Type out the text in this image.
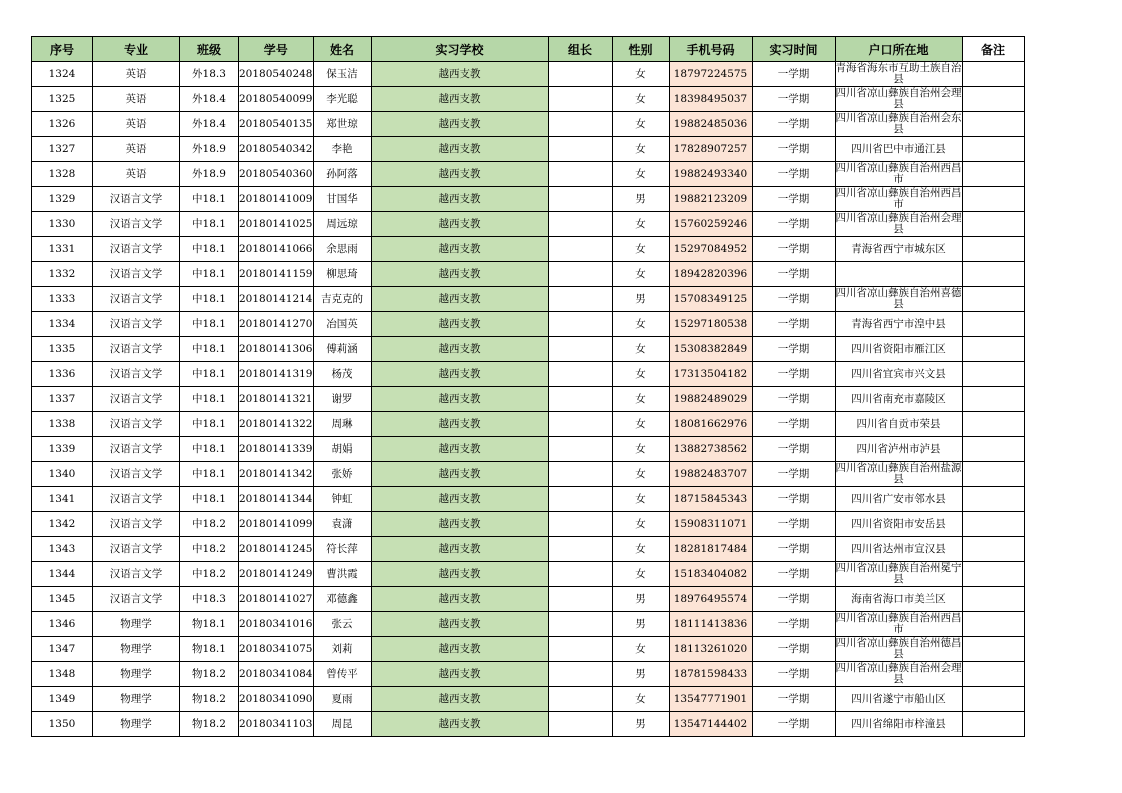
序号	专业	班级	学号	姓名	实习学校	组长	性别	手机号码	实习时间	户口所在地	备注
1324	英语	外18.3	20180540248	保玉洁	越西支教		女	18797224575	一学期	青海省海东市互助土族自治县	
1325	英语	外18.4	20180540099	李光聪	越西支教		女	18398495037	一学期	四川省凉山彝族自治州会理县	
1326	英语	外18.4	20180540135	郑世琼	越西支教		女	19882485036	一学期	四川省凉山彝族自治州会东县	
1327	英语	外18.9	20180540342	李艳	越西支教		女	17828907257	一学期	四川省巴中市通江县	
1328	英语	外18.9	20180540360	孙阿落	越西支教		女	19882493340	一学期	四川省凉山彝族自治州西昌市	
1329	汉语言文学	中18.1	20180141009	甘国华	越西支教		男	19882123209	一学期	四川省凉山彝族自治州西昌市	
1330	汉语言文学	中18.1	20180141025	周远琼	越西支教		女	15760259246	一学期	四川省凉山彝族自治州会理县	
1331	汉语言文学	中18.1	20180141066	余思雨	越西支教		女	15297084952	一学期	青海省西宁市城东区	
1332	汉语言文学	中18.1	20180141159	柳思琦	越西支教		女	18942820396	一学期		
1333	汉语言文学	中18.1	20180141214	吉克克的	越西支教		男	15708349125	一学期	四川省凉山彝族自治州喜德县	
1334	汉语言文学	中18.1	20180141270	冶国英	越西支教		女	15297180538	一学期	青海省西宁市湟中县	
1335	汉语言文学	中18.1	20180141306	傅莉涵	越西支教		女	15308382849	一学期	四川省资阳市雁江区	
1336	汉语言文学	中18.1	20180141319	杨茂	越西支教		女	17313504182	一学期	四川省宜宾市兴文县	
1337	汉语言文学	中18.1	20180141321	谢罗	越西支教		女	19882489029	一学期	四川省南充市嘉陵区	
1338	汉语言文学	中18.1	20180141322	周琳	越西支教		女	18081662976	一学期	四川省自贡市荣县	
1339	汉语言文学	中18.1	20180141339	胡娟	越西支教		女	13882738562	一学期	四川省泸州市泸县	
1340	汉语言文学	中18.1	20180141342	张娇	越西支教		女	19882483707	一学期	四川省凉山彝族自治州盐源县	
1341	汉语言文学	中18.1	20180141344	钟虹	越西支教		女	18715845343	一学期	四川省广安市邻水县	
1342	汉语言文学	中18.2	20180141099	袁潇	越西支教		女	15908311071	一学期	四川省资阳市安岳县	
1343	汉语言文学	中18.2	20180141245	符长萍	越西支教		女	18281817484	一学期	四川省达州市宣汉县	
1344	汉语言文学	中18.2	20180141249	曹洪霞	越西支教		女	15183404082	一学期	四川省凉山彝族自治州冕宁县	
1345	汉语言文学	中18.3	20180141027	邓德鑫	越西支教		男	18976495574	一学期	海南省海口市美兰区	
1346	物理学	物18.1	20180341016	张云	越西支教		男	18111413836	一学期	四川省凉山彝族自治州西昌市	
1347	物理学	物18.1	20180341075	刘莉	越西支教		女	18113261020	一学期	四川省凉山彝族自治州德昌县	
1348	物理学	物18.2	20180341084	曾传平	越西支教		男	18781598433	一学期	四川省凉山彝族自治州会理县	
1349	物理学	物18.2	20180341090	夏雨	越西支教		女	13547771901	一学期	四川省遂宁市船山区	
1350	物理学	物18.2	20180341103	周昆	越西支教		男	13547144402	一学期	四川省绵阳市梓潼县	
